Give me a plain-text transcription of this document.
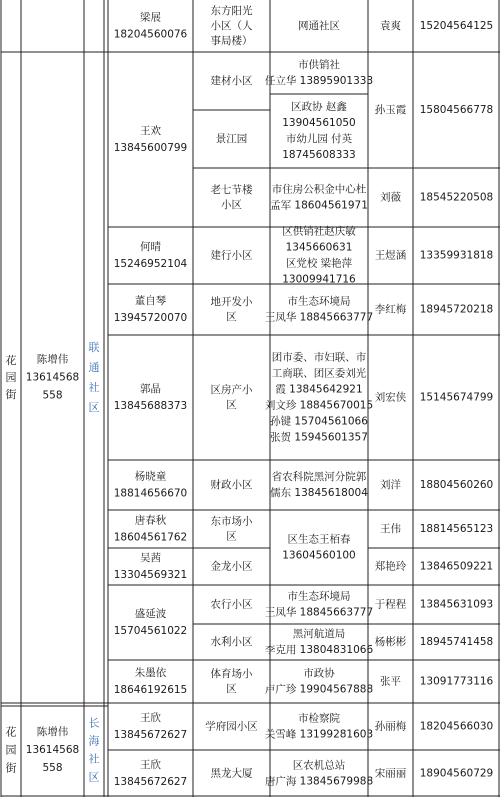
梁展
18204560076
东方阳光
小区（人
事局楼）
网通社区	袁爽 15204564125
花
园
街
陈增伟
13614568
558
联
通
社
区
王欢
13845600799
何晴
15246952104
董自琴
13945720070
郭晶
13845688373
杨晓童
18814656670
唐春秋
18604561762
吴茜
13304569321
盛延波
15704561022
朱墨依
18646192615
建材小区
景江园
老七节楼
小区
建行小区
地开发小
区
区房产小
区
财政小区
东市场小
区
金龙小区
农行小区
水利小区
体育场小
区
市供销社
任立华 13895901333
区政协 赵鑫
13904561050
市幼儿园 付英
18745608333
市住房公积金中心杜
孟军 18604561971
区供销社赵庆敏
1345660631
区党校 梁艳萍
13009941716
市生态环境局
王凤华 18845663777
团市委、市妇联、市
工商联、团区委刘光
霞 13845642921
刘文珍 18845670015
孙键 15704561066
张贺 15945601357
省农科院黑河分院郭
儒东 13845618004
区生态王栢春
13604560100
市生态环境局
王凤华 18845663777
黑河航道局
李克用 13804831066
市政协
卢广珍 19904567888
孙玉霞 15804566778
刘薇 18545220508
王煜涵 13359931818
李红梅 18945720218
刘宏侠 15145674799
刘洋 18804560260
王伟 18814565123
郑艳玲 13846509221
于程程 13845631093
杨彬彬 18945741458
张平 13091773116
花
园
街
陈增伟
13614568
558
长
海
社
区
王欣
13845672627
学府园小区
市检察院
关雪峰 13199281603
孙丽梅 18204566030
王欣
13845672627
黑龙大厦
区农机总站
唐广海 13845679988
宋丽丽 18904560729
